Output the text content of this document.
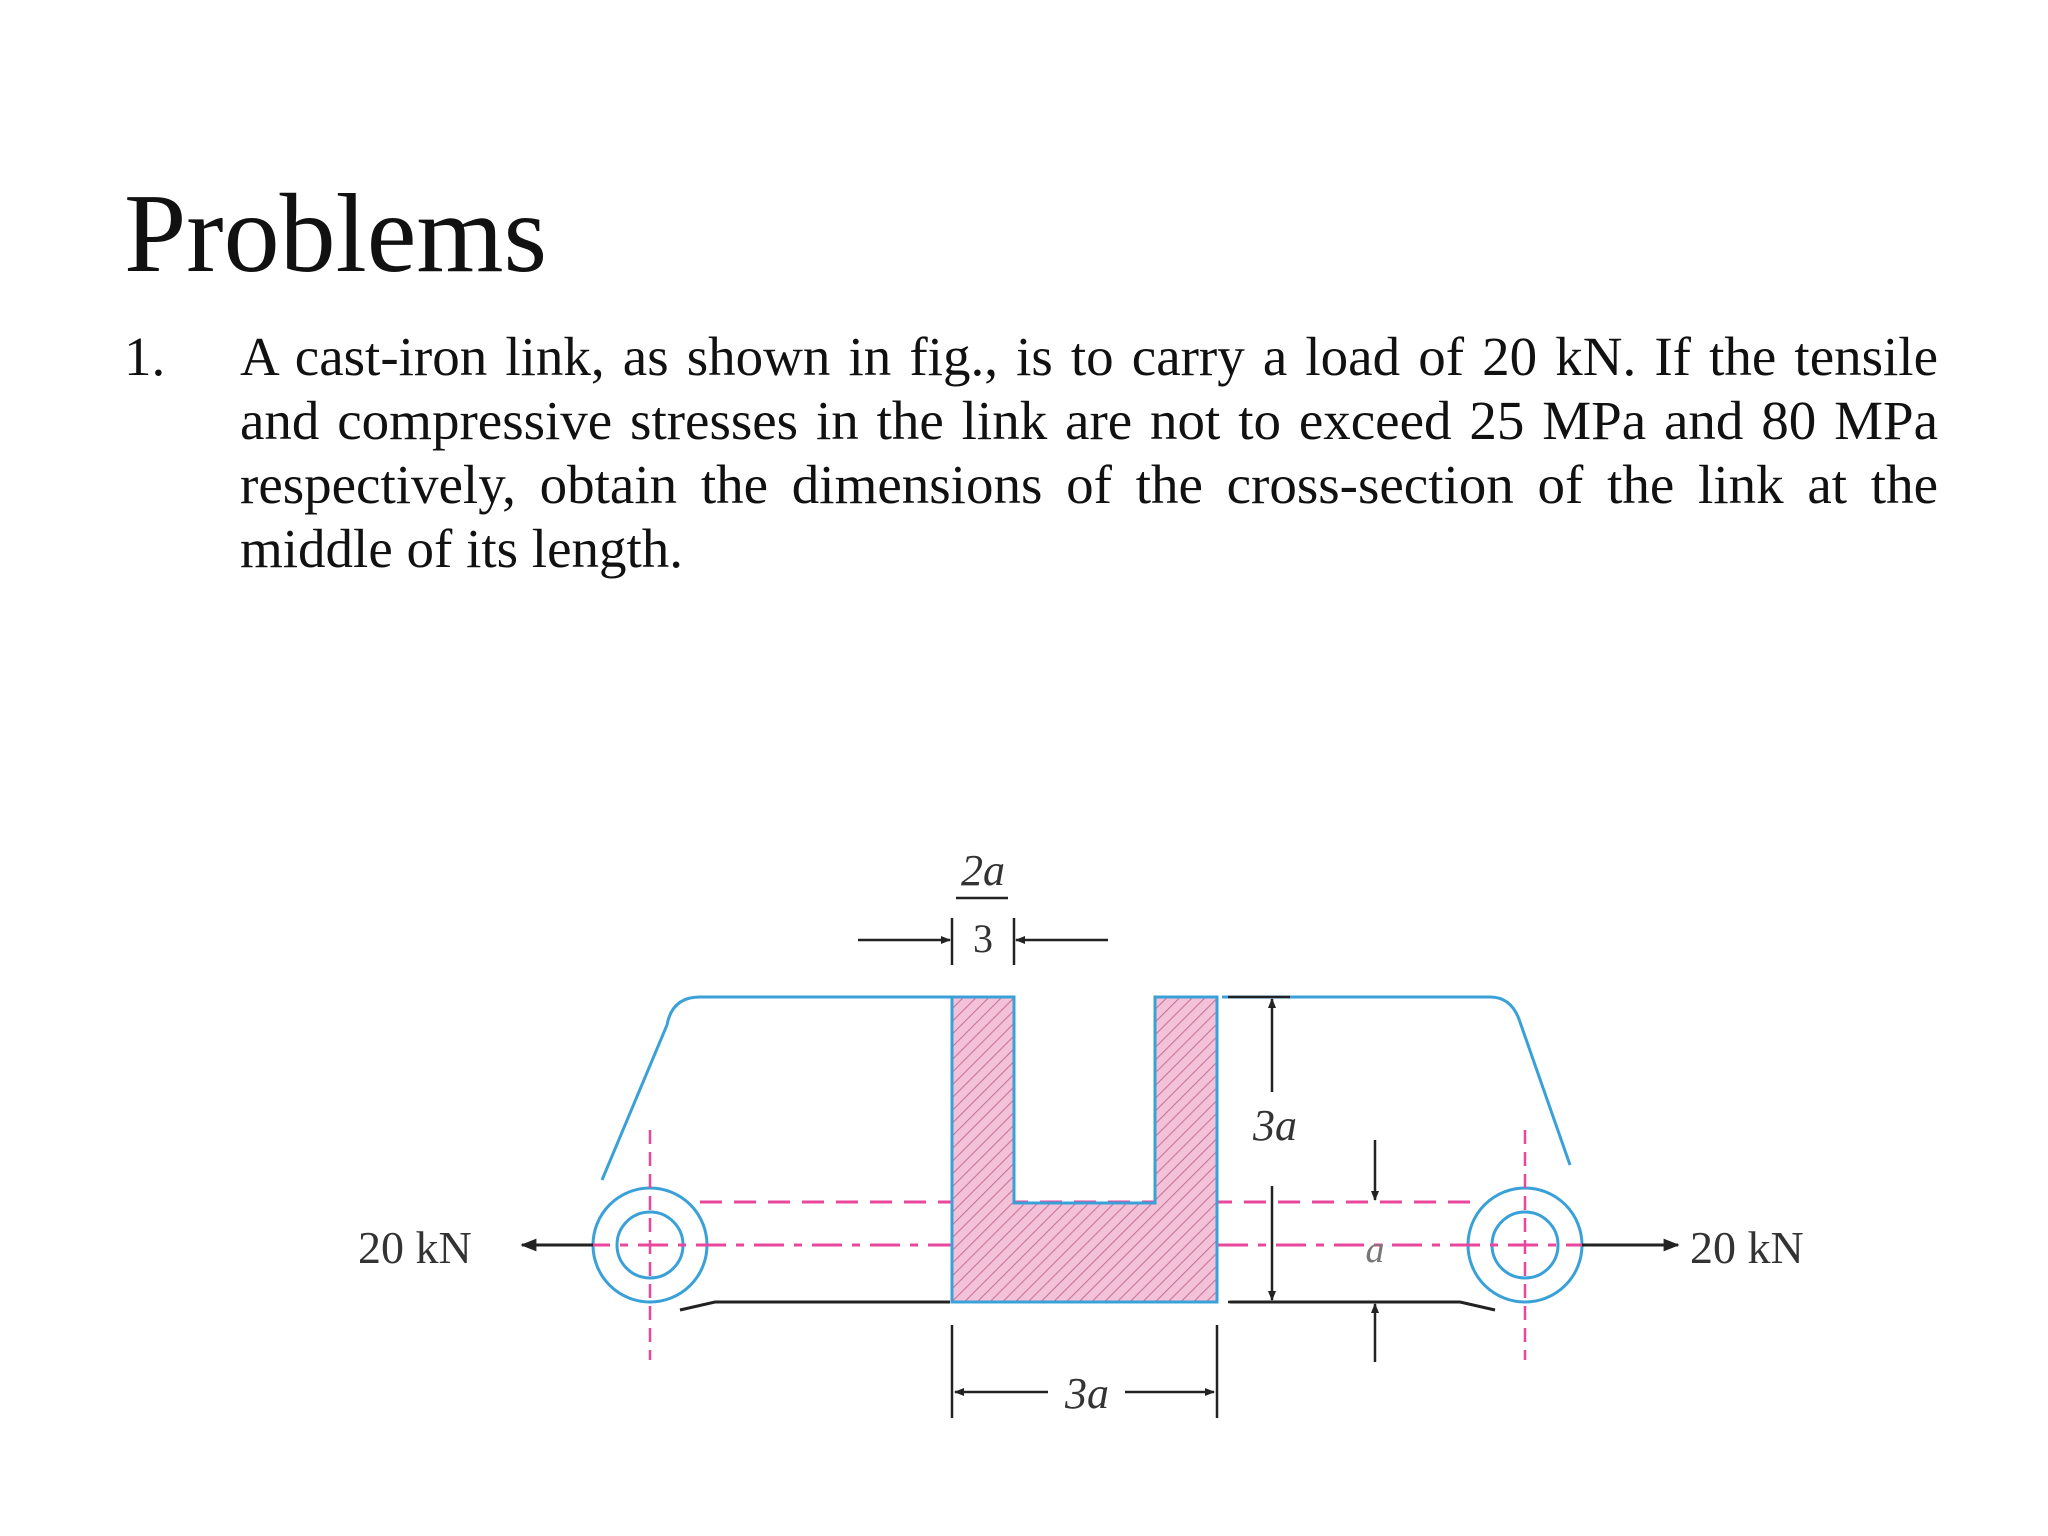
Problems
1. A cast-iron link, as shown in fig., is to carry a load of 20 kN. If the tensile and compressive stresses in the link are not to exceed 25 MPa and 80 MPa respectively, obtain the dimensions of the cross-section of the link at the middle of its length.
2a
3
3a
a
3a
20 kN	20 kN
